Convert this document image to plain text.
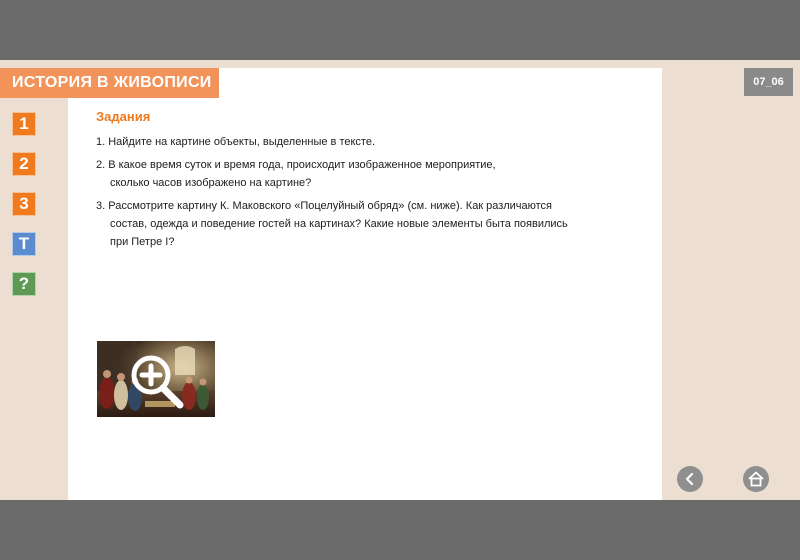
ИСТОРИЯ В ЖИВОПИСИ	07_06
1
2
3
Т
?
Задания
1. Найдите на картине объекты, выделенные в тексте.
2. В какое время суток и время года, происходит изображенное мероприятие,
сколько часов изображено на картине?
3. Рассмотрите картину К. Маковского «Поцелуйный обряд» (см. ниже). Как различаются
состав, одежда и поведение гостей на картинах? Какие новые элементы быта появились
при Петре I?
